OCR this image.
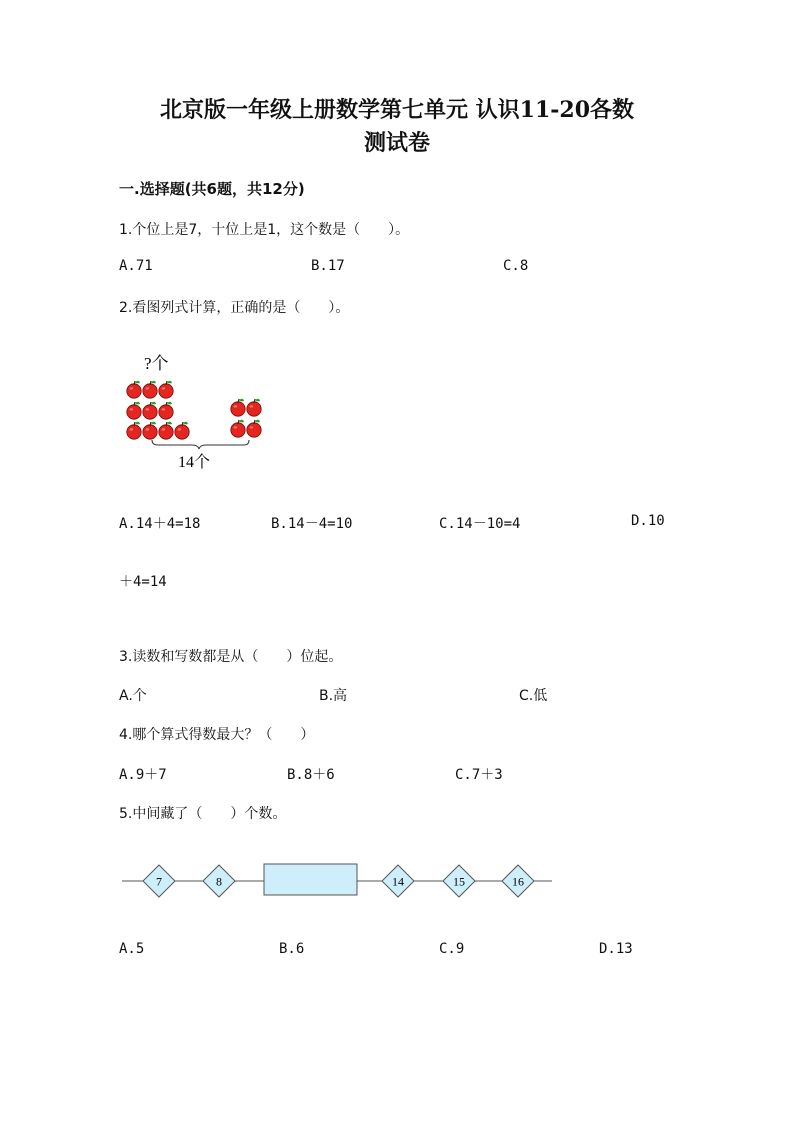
北京版一年级上册数学第七单元 认识11-20各数
测试卷
一.选择题(共6题，共12分)
1.个位上是7，十位上是1，这个数是（　　）。
A.71	B.17	C.8
2.看图列式计算，正确的是（　　）。
?个
14个
A.14＋4=18	B.14－4=10	C.14－10=4	D.10
＋4=14
3.读数和写数都是从（　　）位起。
A.个	B.高	C.低
4.哪个算式得数最大？（　　）
A.9＋7	B.8＋6	C.7＋3
5.中间藏了（　　）个数。
7	8	14	15	16
A.5	B.6	C.9	D.13
